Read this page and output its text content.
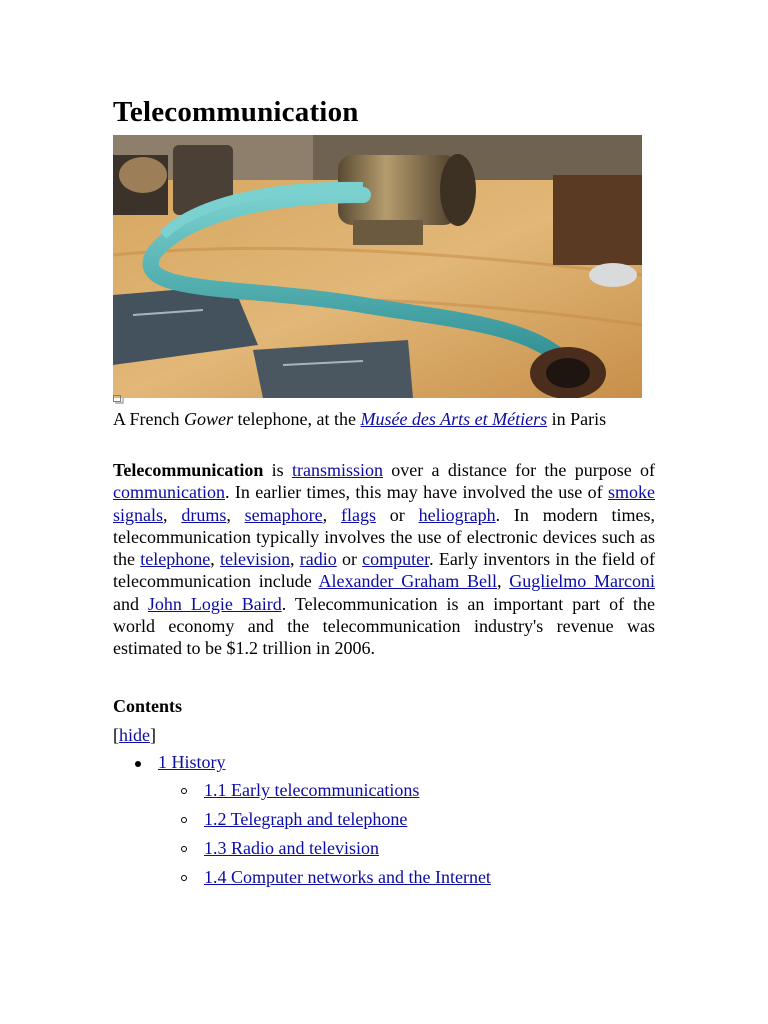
Telecommunication
A French Gower telephone, at the Musée des Arts et Métiers in Paris
Telecommunication is transmission over a distance for the purpose of communication. In earlier times, this may have involved the use of smoke signals, drums, semaphore, flags or heliograph. In modern times, telecommunication typically involves the use of electronic devices such as the telephone, television, radio or computer. Early inventors in the field of telecommunication include Alexander Graham Bell, Guglielmo Marconi and John Logie Baird. Telecommunication is an important part of the world economy and the telecommunication industry's revenue was estimated to be $1.2 trillion in 2006.
Contents
[hide]
1 History
1.1 Early telecommunications
1.2 Telegraph and telephone
1.3 Radio and television
1.4 Computer networks and the Internet
